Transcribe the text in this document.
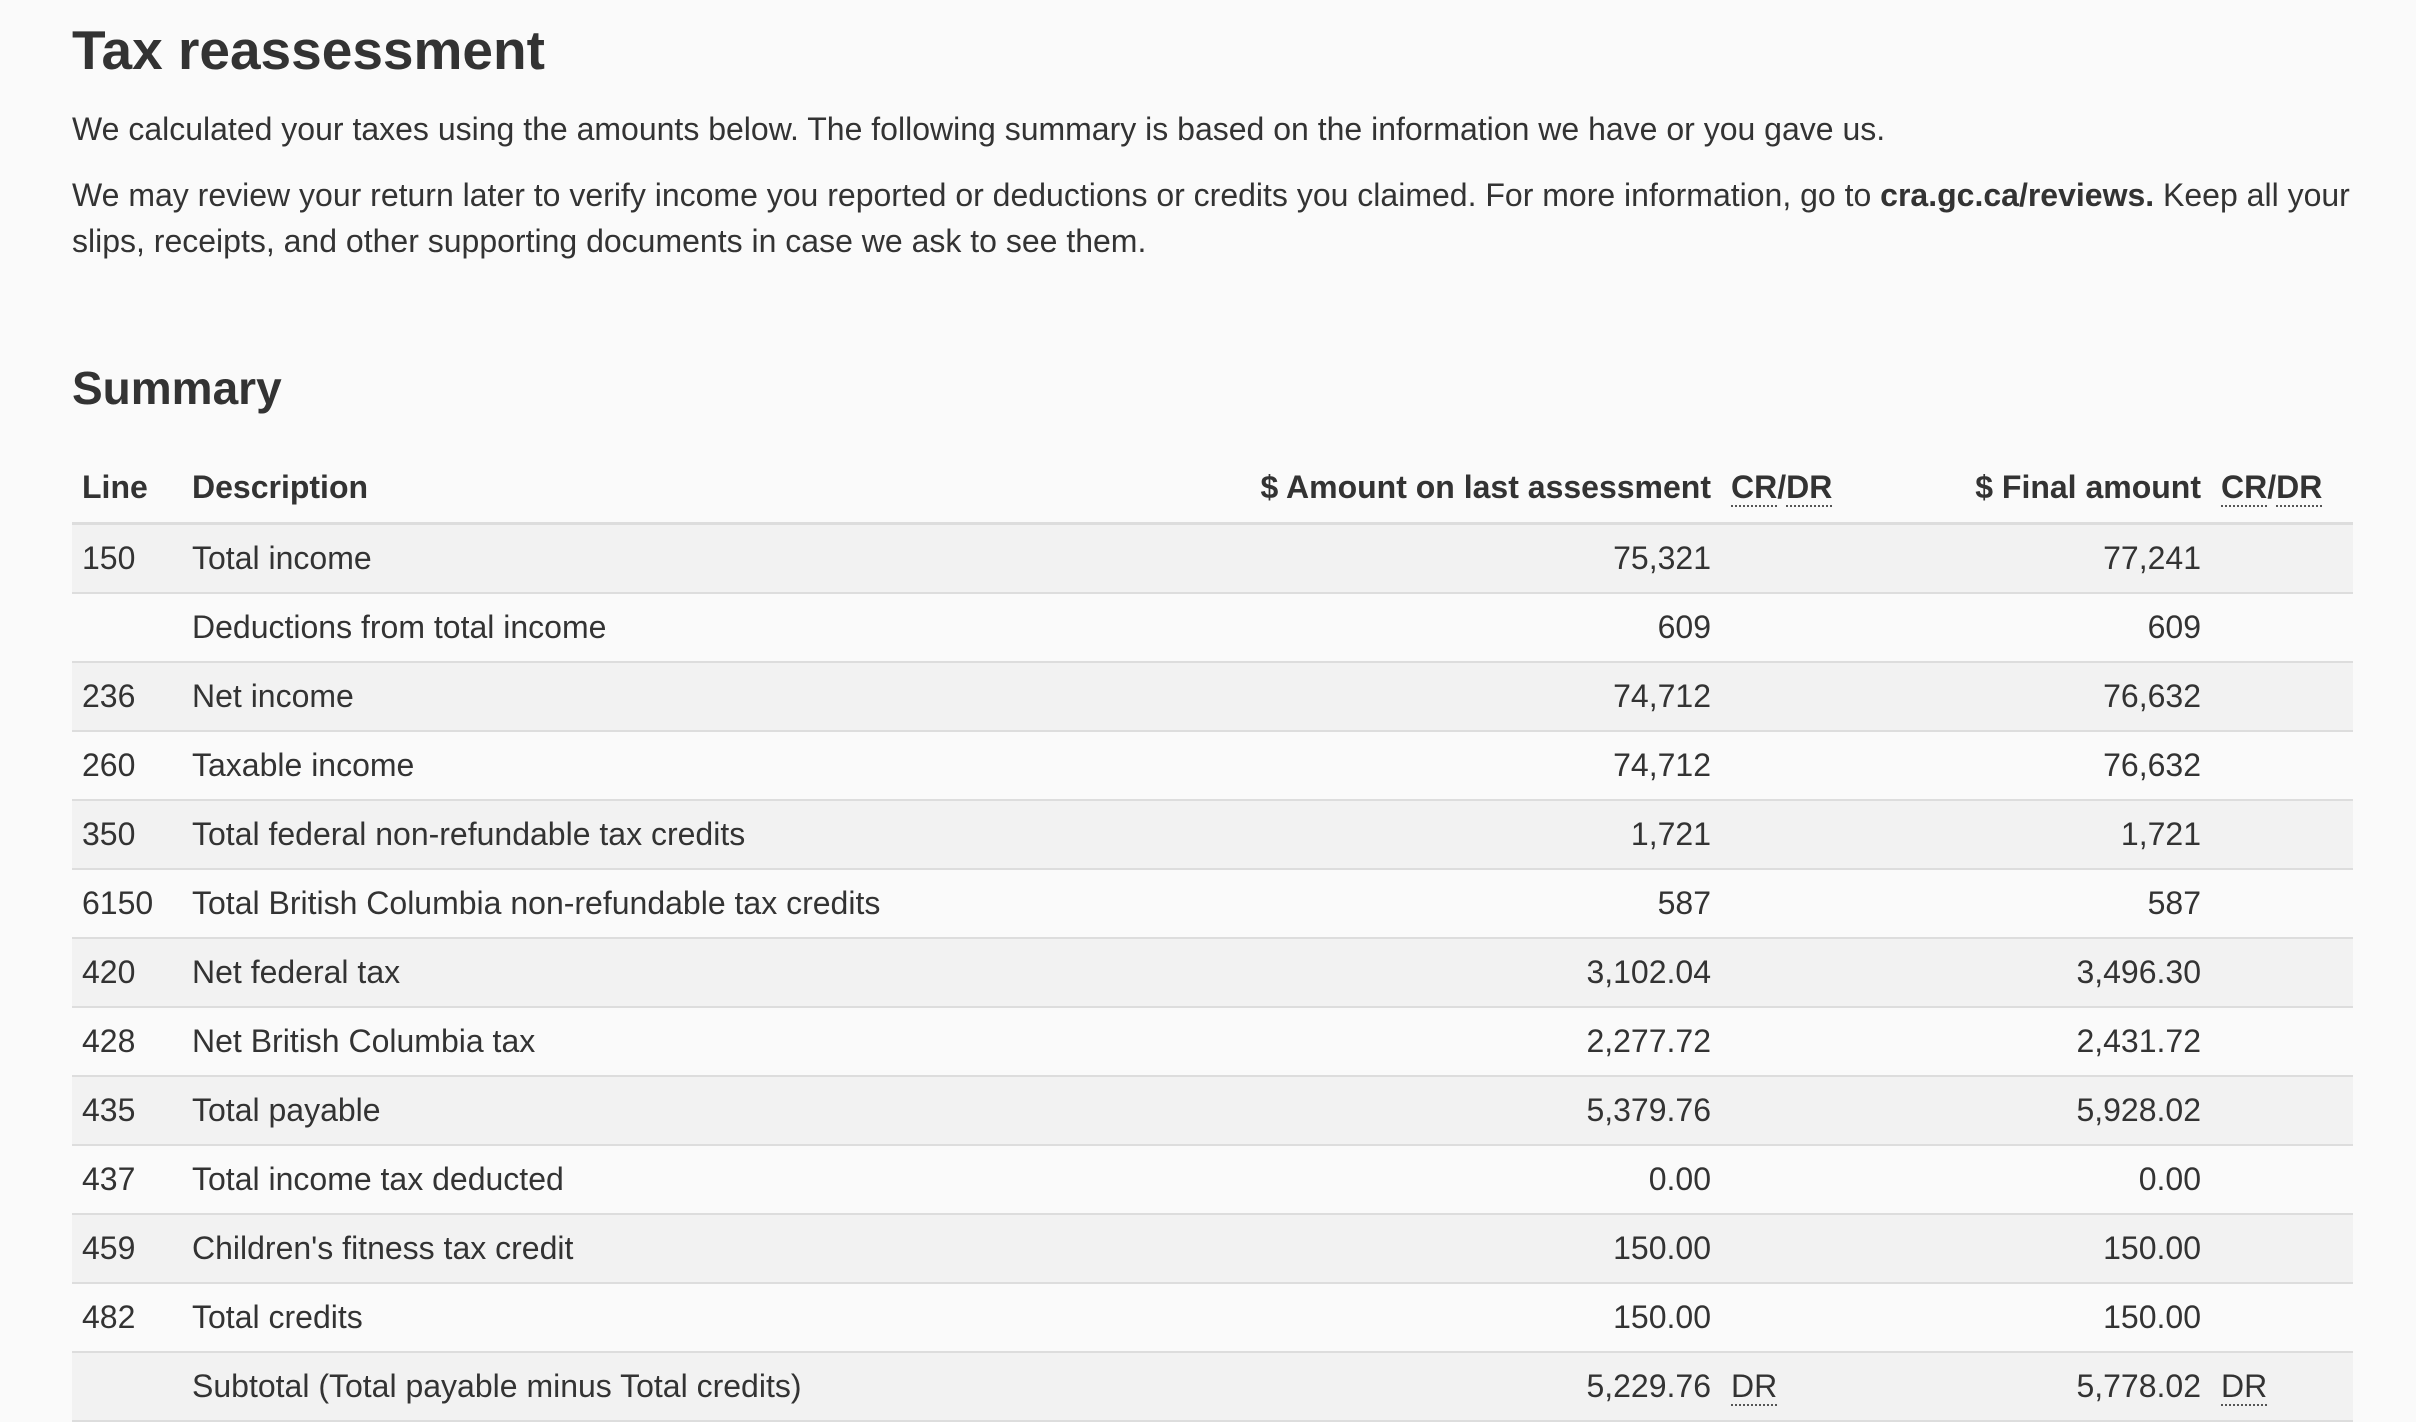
Tax reassessment

We calculated your taxes using the amounts below. The following summary is based on the information we have or you gave us.

We may review your return later to verify income you reported or deductions or credits you claimed. For more information, go to cra.gc.ca/reviews. Keep all your slips, receipts, and other supporting documents in case we ask to see them.

Summary
Line	Description	$ Amount on last assessment	CR/DR	$ Final amount	CR/DR
150	Total income	75,321		77,241	
	Deductions from total income	609		609	
236	Net income	74,712		76,632	
260	Taxable income	74,712		76,632	
350	Total federal non-refundable tax credits	1,721		1,721	
6150	Total British Columbia non-refundable tax credits	587		587	
420	Net federal tax	3,102.04		3,496.30	
428	Net British Columbia tax	2,277.72		2,431.72	
435	Total payable	5,379.76		5,928.02	
437	Total income tax deducted	0.00		0.00	
459	Children's fitness tax credit	150.00		150.00	
482	Total credits	150.00		150.00	
	Subtotal (Total payable minus Total credits)	5,229.76	DR	5,778.02	DR
